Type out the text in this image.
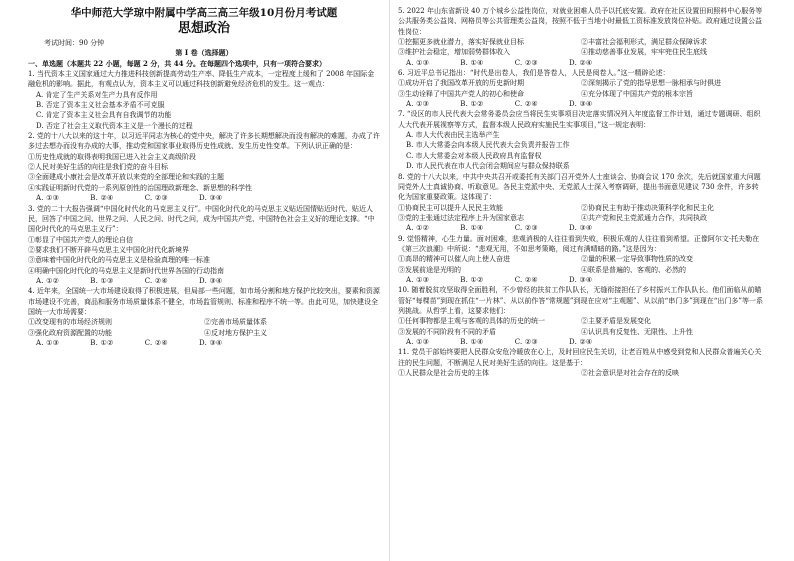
华中师范大学琼中附属中学高三高三年级10月份月考试题

思想政治

考试时间：90 分钟

第 I 卷（选择题）

一、单选题（本题共 22 小题，每题 2 分，共 44 分。在每题四个选项中，只有一项符合要求）

1. 当代资本主义国家通过大力推进科技创新提高劳动生产率、降低生产成本，一定程度上缓和了 2008 年国际金融危机的影响。据此，有观点认为，资本主义可以通过科技创新避免经济危机的发生。这一观点：

A. 肯定了生产关系对生产力具有反作用

B. 否定了资本主义社会基本矛盾不可克服

C. 肯定了资本主义社会具有自我调节的功能

D. 否定了社会主义取代资本主义是一个漫长的过程

2. 党的十八大以来的这十年，以习近平同志为核心的党中央，解决了许多长期想解决而没有解决的难题，办成了许多过去想办而没有办成的大事，推动党和国家事业取得历史性成就、发生历史性变革。下列认识正确的是：

①历史性成就的取得表明我国已进入社会主义高级阶段

②人民对美好生活的向往是我们党的奋斗目标

③全面建成小康社会是改革开放以来党的全部理论和实践的主题

④实践证明新时代党的一系列原创性的治国理政新理念、新思想的科学性

A. ①③    	B. ②④    	C. ②③    	D. ③④

3. 党的二十大报告强调“中国化时代化的马克思主义行”。中国化时代化的马克思主义贴近国情贴近时代、贴近人民，回答了中国之问、世界之问、人民之问、时代之问，成为中国共产党、中国特色社会主义好的理论支撑。“中国化时代化的马克思主义行”：

①彰显了中国共产党人的理论自信

②要求我们不断开辟马克思主义中国化时代化新境界

③意味着中国化时代化的马克思主义是检验真理的唯一标准

④明确中国化时代化的马克思主义是新时代世界各国的行动指南

A. ①②    	B. ①③    	C. ②④    	D. ③④

4. 近年来，全国统一大市场建设取得了积极进展，但局部一些问题，如市场分割和地方保护比较突出，要素和资源市场建设不完善，商品和服务市场质量体系不健全，市场监管规则、标准和程序不统一等。由此可见，加快建设全国统一大市场需要：

①改变现有的市场经济规则	②完善市场质量体系

③强化政府资源配置的功能	④反对地方保护主义

A. ①③    	B. ①②    	C. ②④    	D. ③④

5. 2022 年山东省新设 40 万个城乡公益性岗位，对就业困难人员予以托底安置。政府在社区设置田间照料中心服务等公共服务类公益岗、网格员等公共管理类公益岗，按照不低于当地小时最低工资标准发放岗位补贴。政府通过设置公益性岗位：

①挖掘更多就业潜力，落实好保就业目标	②丰富社会福利形式，满足群众保障诉求

③维护社会稳定，增加弱势群体收入	④推动慈善事业发展，牢牢兜住民生底线

A. ①③    	B. ①④    	C. ②③    	D. ②④

6. 习近平总书记指出：“时代是出卷人，我们是答卷人，人民是阅卷人。”这一精辟论述：

①成功开启了我国改革开放的历史新时期	②深刻揭示了党的指导思想一脉相承与时俱进

③生动诠释了中国共产党人的初心和使命	④充分体现了中国共产党的根本宗旨

A. ①③    	B. ①②    	C. ②④    	D. ③④

7. “设区的市人民代表大会常务委员会应当将民生实事项目决定落实情况列入年度监督工作计划，通过专题调研、组织人大代表开展视察等方式，监督本级人民政府实施民生实事项目，”这一规定表明：

A. 市人大代表由民主选举产生

B. 市人大常委会向本级人民代表大会负责并报告工作

C. 市人大常委会对本级人民政府具有监督权

D. 市人民代表在市人代会闭会期间应与群众保持联系

8. 党的十八大以来，中共中央共召开或委托有关部门召开党外人士座谈会、协商会议 170 余次，先后就国家重大问题同党外人士真诚协商、听取意见。各民主党派中央、无党派人士深入考察调研，提出书面意见建议 730 余件，许多转化为国家重要政策。这体现了：

①协商民主可以提升人民民主效能	②协商民主有助于推动决策科学化和民主化

③党的主张通过法定程序上升为国家意志	④共产党和民主党派通力合作，共同执政

A. ①②    	B. ①④    	C. ②③    	D. ③④

9. 觉悟精神，心生力量。面对困难，悲观消极的人往往看到失败，积极乐观的人往往看到希望。正像阿尔文·托夫勒在《第三次浪潮》中所说：“悲观无用，不如思考策略，阅过有满晴暗的路。”这是因为：

①高昂的精神可以催人向上使人奋进	②量的积累一定导致事物性质的改变

③发展前途是光明的	④联系是普遍的、客观的、必然的

A. ①③    	B. ①②    	C. ②④    	D. ③④

10. 随着脱贫攻坚取得全面胜利，不少曾经的扶贫工作队队长，无缝衔接担任了乡村振兴工作队队长。他们面临从前瞄管好“每棵苗”到现在抓住“一片林”、从以前作答“常规题”到现在应对“主观题”、从以前“串门多”到现在“出门多”等一系列挑战。从哲学上看，这要求他们：

①任何事物都是主观与客观的具体的历史的统一	②主要矛盾是发展变化

③发展的不同阶段有不同的矛盾	④认识具有反复性、无限性、上升性

A. ①③    	B. ①④    	C. ②③    	D. ②④

11. 党员干部始终要把人民群众安危冷暖放在心上，及时回应民生关切，让老百姓从中感受到党和人民群众普遍关心关注的民生问题，不断满足人民对美好生活的向往。这是基于：

①人民群众是社会历史的主体	②社会意识是对社会存在的反映
